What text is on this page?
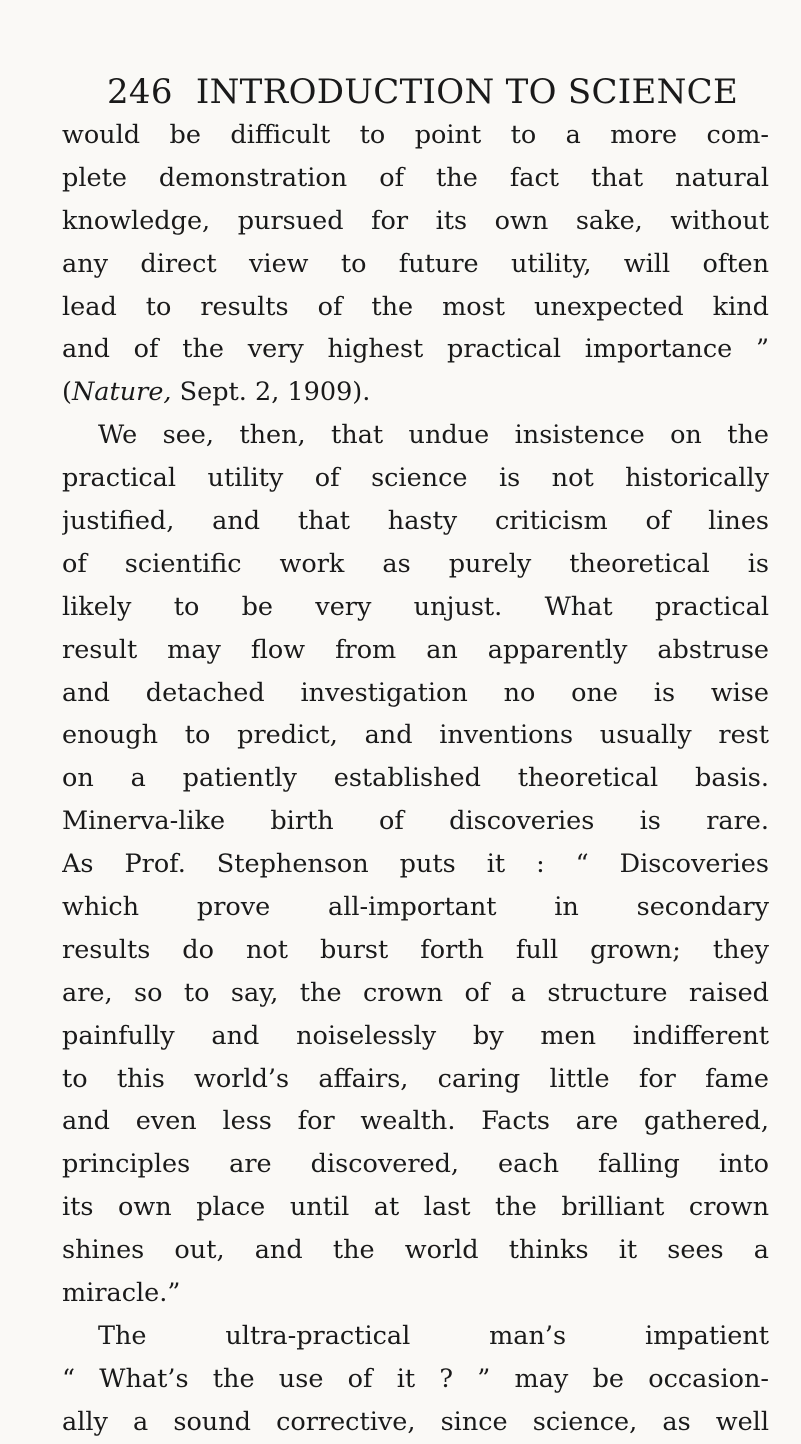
246 INTRODUCTION TO SCIENCE
would be difficult to point to a more com-
plete demonstration of the fact that natural
knowledge, pursued for its own sake, without
any direct view to future utility, will often
lead to results of the most unexpected kind
and of the very highest practical importance ”
(Nature, Sept. 2, 1909).
We see, then, that undue insistence on the
practical utility of science is not historically
justified, and that hasty criticism of lines
of scientific work as purely theoretical is
likely to be very unjust. What practical
result may flow from an apparently abstruse
and detached investigation no one is wise
enough to predict, and inventions usually rest
on a patiently established theoretical basis.
Minerva-like birth of discoveries is rare.
As Prof. Stephenson puts it : “ Discoveries
which prove all-important in secondary
results do not burst forth full grown; they
are, so to say, the crown of a structure raised
painfully and noiselessly by men indifferent
to this world’s affairs, caring little for fame
and even less for wealth. Facts are gathered,
principles are discovered, each falling into
its own place until at last the brilliant crown
shines out, and the world thinks it sees a
miracle.”
The ultra-practical man’s impatient
“ What’s the use of it ? ” may be occasion-
ally a sound corrective, since science, as well
